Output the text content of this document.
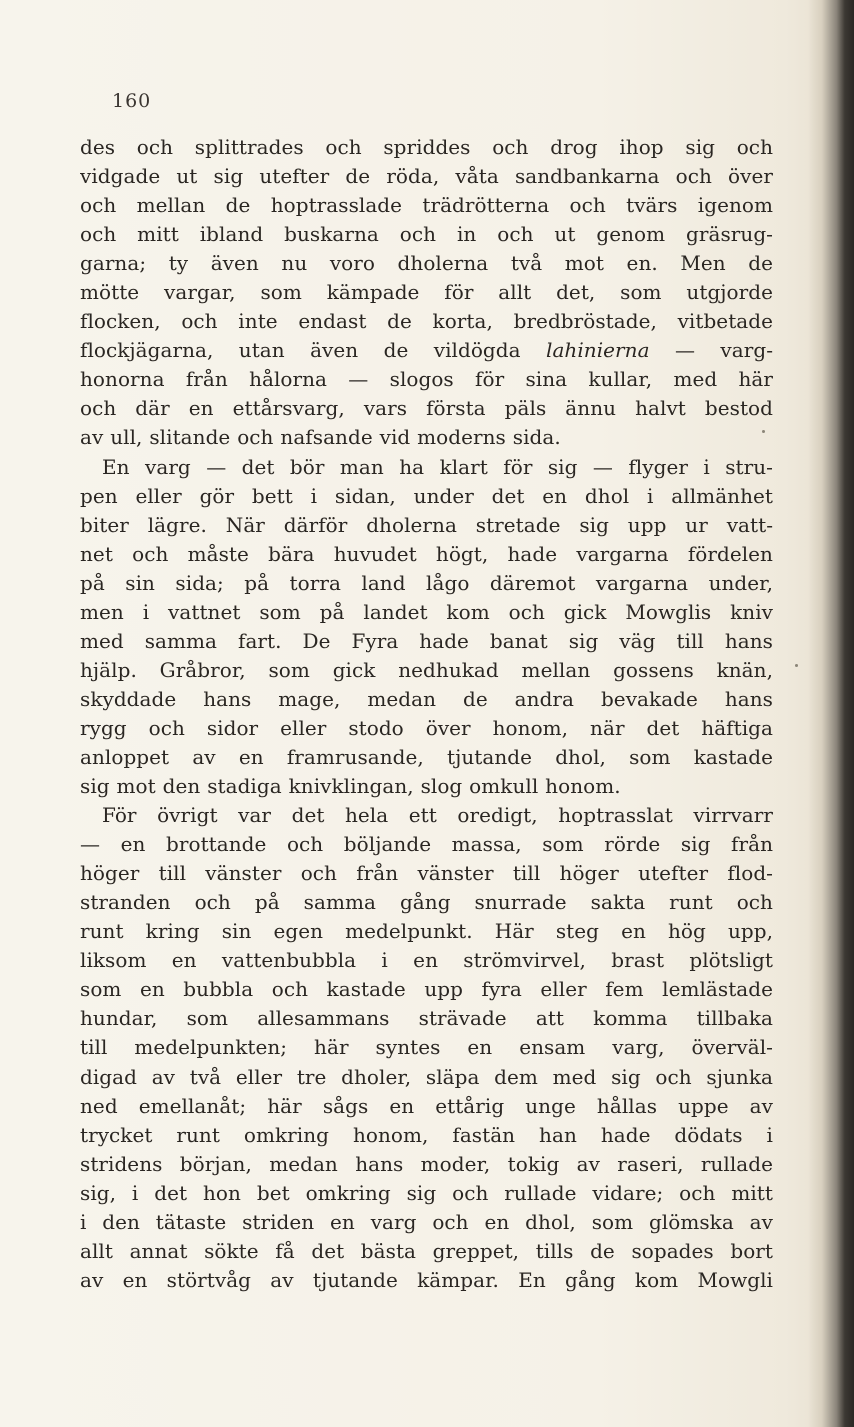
160
des och splittrades och spriddes och drog ihop sig och
vidgade ut sig utefter de röda, våta sandbankarna och över
och mellan de hoptrasslade trädrötterna och tvärs igenom
och mitt ibland buskarna och in och ut genom gräsrug-
garna; ty även nu voro dholerna två mot en. Men de
mötte vargar, som kämpade för allt det, som utgjorde
flocken, och inte endast de korta, bredbröstade, vitbetade
flockjägarna, utan även de vildögda lahinierna — varg-
honorna från hålorna — slogos för sina kullar, med här
och där en ettårsvarg, vars första päls ännu halvt bestod
av ull, slitande och nafsande vid moderns sida.
En varg — det bör man ha klart för sig — flyger i stru-
pen eller gör bett i sidan, under det en dhol i allmänhet
biter lägre. När därför dholerna stretade sig upp ur vatt-
net och måste bära huvudet högt, hade vargarna fördelen
på sin sida; på torra land lågo däremot vargarna under,
men i vattnet som på landet kom och gick Mowglis kniv
med samma fart. De Fyra hade banat sig väg till hans
hjälp. Gråbror, som gick nedhukad mellan gossens knän,
skyddade hans mage, medan de andra bevakade hans
rygg och sidor eller stodo över honom, när det häftiga
anloppet av en framrusande, tjutande dhol, som kastade
sig mot den stadiga knivklingan, slog omkull honom.
För övrigt var det hela ett oredigt, hoptrasslat virrvarr
— en brottande och böljande massa, som rörde sig från
höger till vänster och från vänster till höger utefter flod-
stranden och på samma gång snurrade sakta runt och
runt kring sin egen medelpunkt. Här steg en hög upp,
liksom en vattenbubbla i en strömvirvel, brast plötsligt
som en bubbla och kastade upp fyra eller fem lemlästade
hundar, som allesammans strävade att komma tillbaka
till medelpunkten; här syntes en ensam varg, överväl-
digad av två eller tre dholer, släpa dem med sig och sjunka
ned emellanåt; här sågs en ettårig unge hållas uppe av
trycket runt omkring honom, fastän han hade dödats i
stridens början, medan hans moder, tokig av raseri, rullade
sig, i det hon bet omkring sig och rullade vidare; och mitt
i den tätaste striden en varg och en dhol, som glömska av
allt annat sökte få det bästa greppet, tills de sopades bort
av en störtvåg av tjutande kämpar. En gång kom Mowgli
